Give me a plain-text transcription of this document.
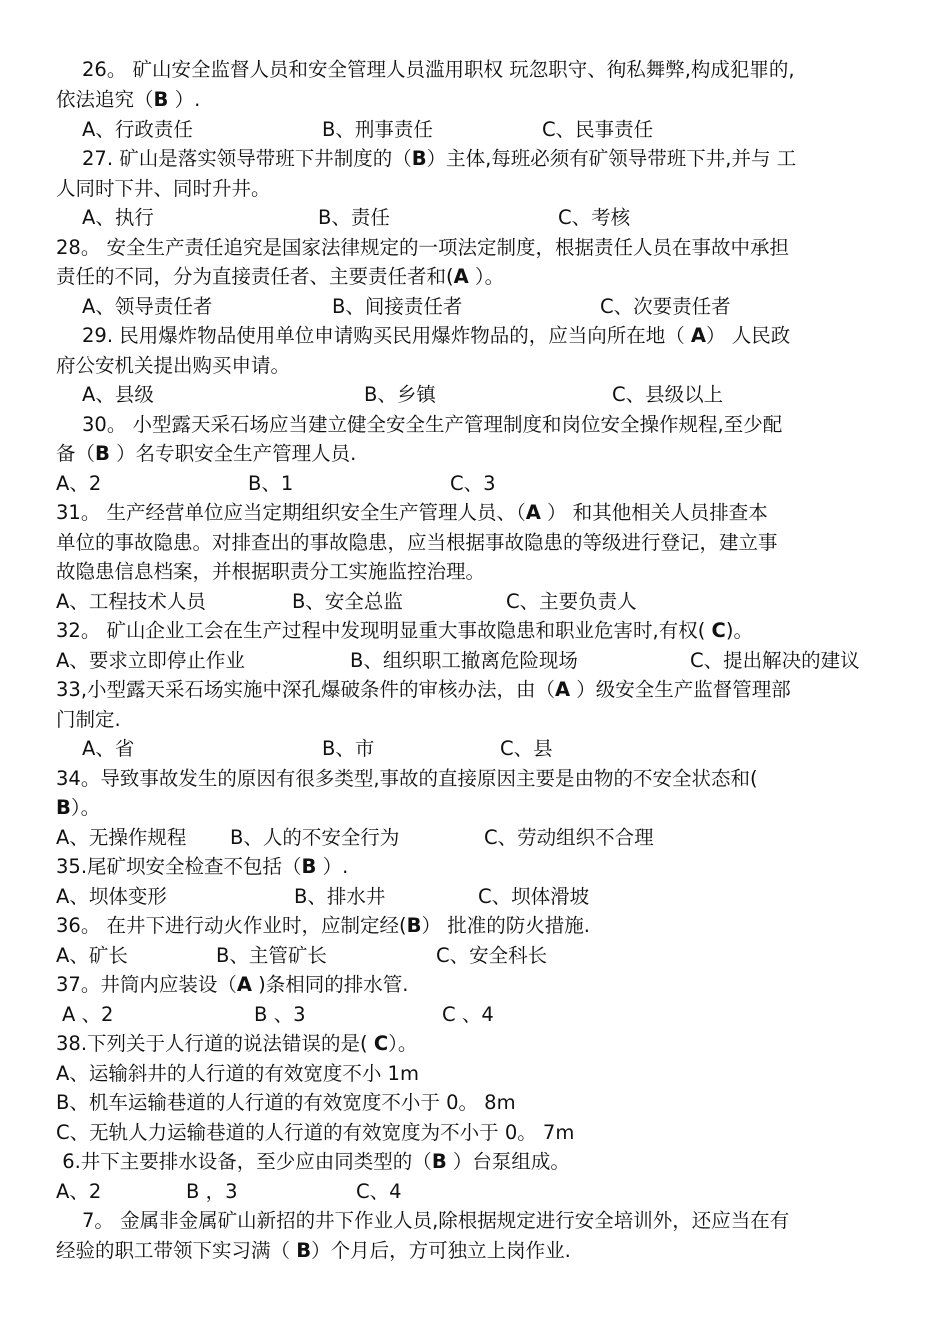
26。 矿山安全监督人员和安全管理人员滥用职权 玩忽职守、徇私舞弊,构成犯罪的,
依法追究（B ）.

A、行政责任

	B、刑事责任

	C、民事责任

27. 矿山是落实领导带班下井制度的（B）主体,每班必须有矿领导带班下井,并与 工
人同时下井、同时升井。

A、执行

	B、责任

	C、考核

28。 安全生产责任追究是国家法律规定的一项法定制度，根据责任人员在事故中承担
责任的不同，分为直接责任者、主要责任者和(A ）。

A、领导责任者

	B、间接责任者

	C、次要责任者

29. 民用爆炸物品使用单位申请购买民用爆炸物品的，应当向所在地（ A） 人民政
府公安机关提出购买申请。

A、县级

	B、乡镇

	C、县级以上

30。 小型露天采石场应当建立健全安全生产管理制度和岗位安全操作规程,至少配
备（B ）名专职安全生产管理人员.

A、2

	B、1

	C、3

31。 生产经营单位应当定期组织安全生产管理人员、（A ） 和其他相关人员排查本
单位的事故隐患。对排查出的事故隐患，应当根据事故隐患的等级进行登记，建立事
故隐患信息档案，并根据职责分工实施监控治理。

A、工程技术人员

	B、安全总监

	C、主要负责人

32。 矿山企业工会在生产过程中发现明显重大事故隐患和职业危害时,有权( C)。

A、要求立即停止作业

	B、组织职工撤离危险现场

	C、提出解决的建议

33,小型露天采石场实施中深孔爆破条件的审核办法，由（A ）级安全生产监督管理部
门制定.

A、省

	B、市

	C、县

34。导致事故发生的原因有很多类型,事故的直接原因主要是由物的不安全状态和(
B）。

A、无操作规程

B、人的不安全行为

	C、劳动组织不合理

35.尾矿坝安全检查不包括（B ）.

A、坝体变形

	B、排水井

	C、坝体滑坡

36。 在井下进行动火作业时，应制定经(B） 批准的防火措施.

A、矿长

	B、主管矿长

	C、安全科长

37。井筒内应装设（A )条相同的排水管.

A 、2

	B 、3

	C 、4

38.下列关于人行道的说法错误的是( C）。
A、运输斜井的人行道的有效宽度不小 1m
B、机车运输巷道的人行道的有效宽度不小于 0。 8m
C、无轨人力运输巷道的人行道的有效宽度为不小于 0。 7m
6.井下主要排水设备，至少应由同类型的（B ）台泵组成。

A、2

	B ，3

	C、4

7。 金属非金属矿山新招的井下作业人员,除根据规定进行安全培训外，还应当在有
经验的职工带领下实习满（ B）个月后，方可独立上岗作业.
